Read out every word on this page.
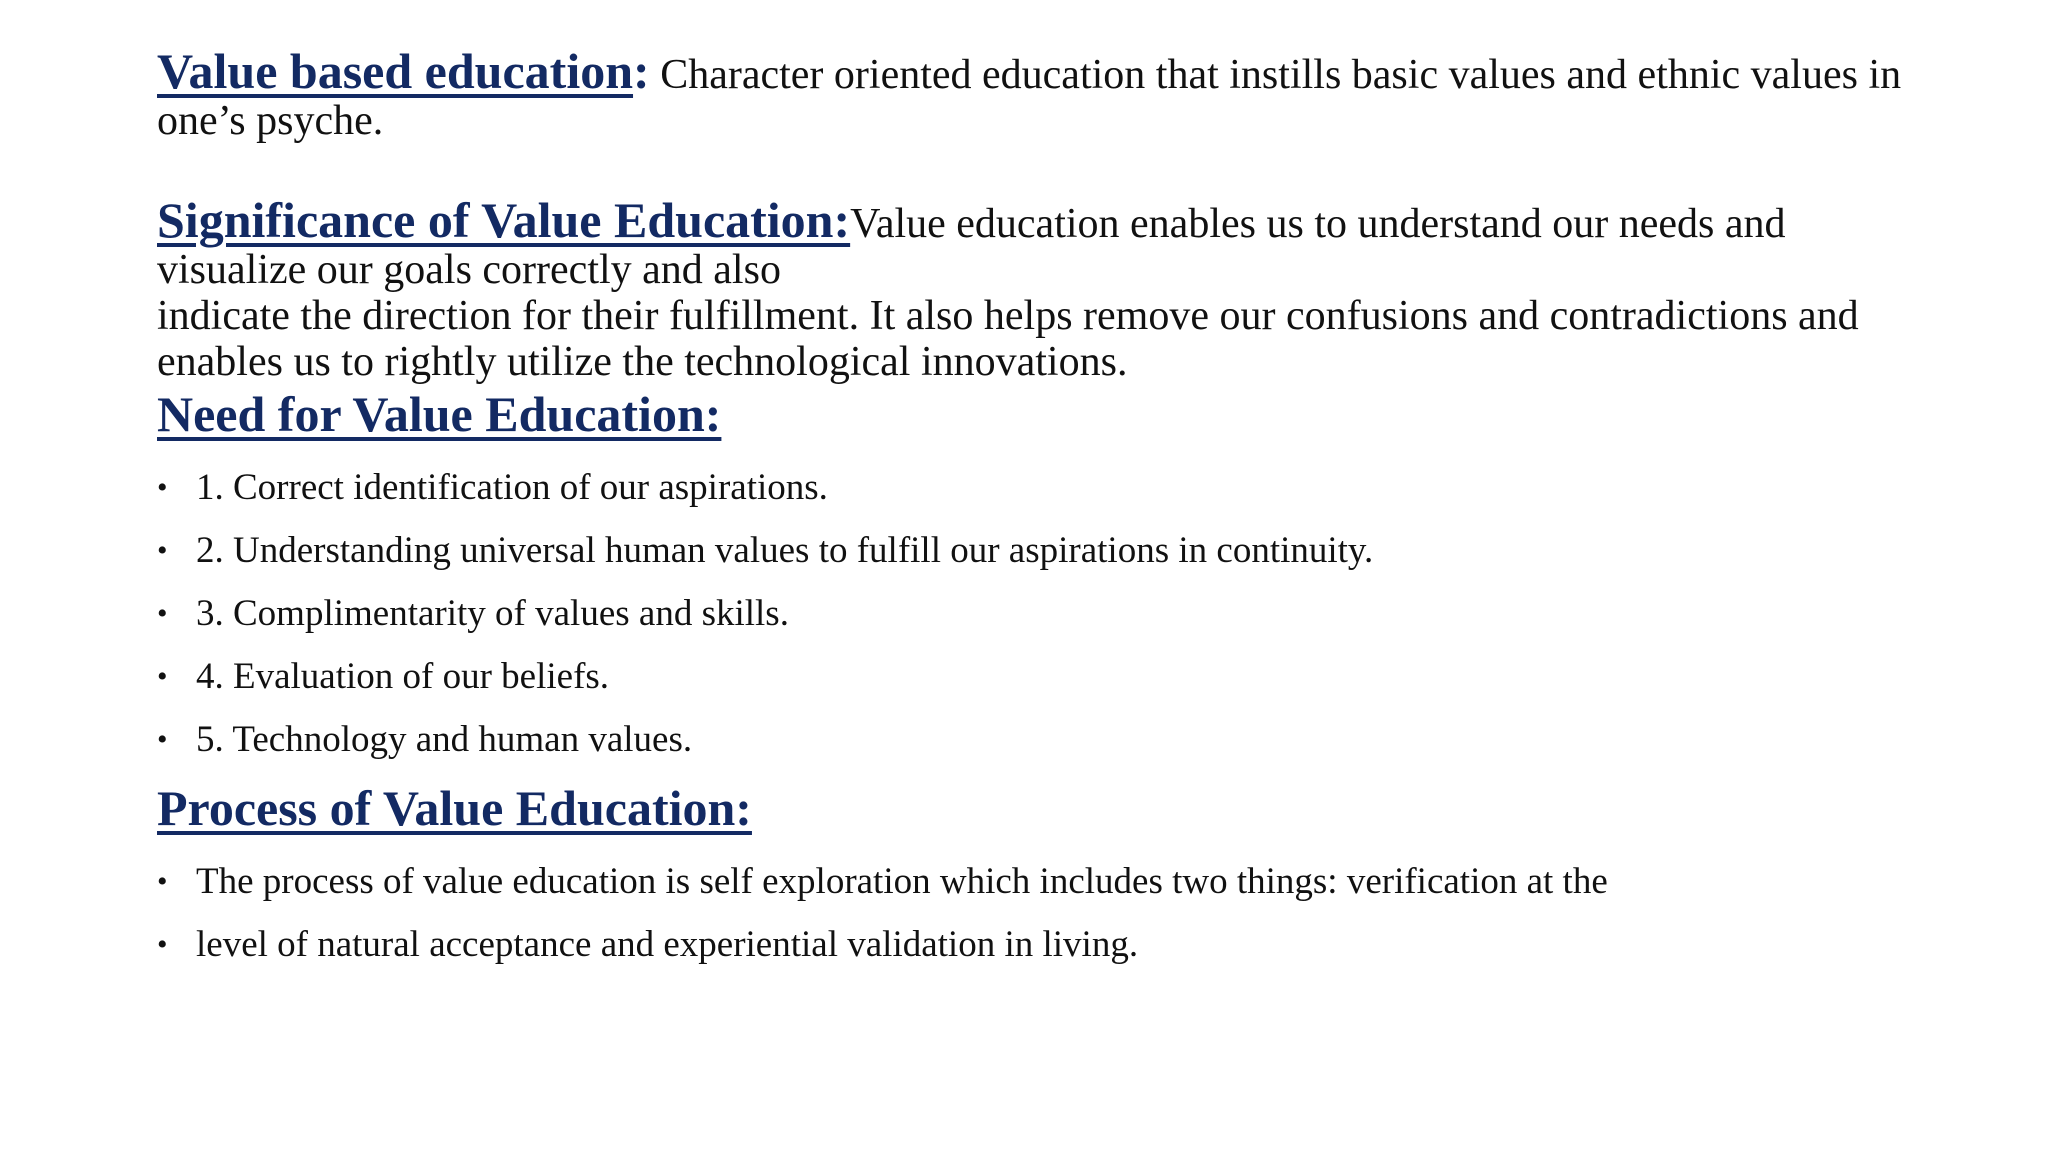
Value based education: Character oriented education that instills basic values and ethnic values in one’s psyche.

Significance of Value Education:Value education enables us to understand our needs and visualize our goals correctly and also
indicate the direction for their fulfillment. It also helps remove our confusions and contradictions and enables us to rightly utilize the technological innovations.

Need for Value Education:
• 1. Correct identification of our aspirations.
• 2. Understanding universal human values to fulfill our aspirations in continuity.
• 3. Complimentarity of values and skills.
• 4. Evaluation of our beliefs.
• 5. Technology and human values.
Process of Value Education:
• The process of value education is self exploration which includes two things: verification at the
• level of natural acceptance and experiential validation in living.
